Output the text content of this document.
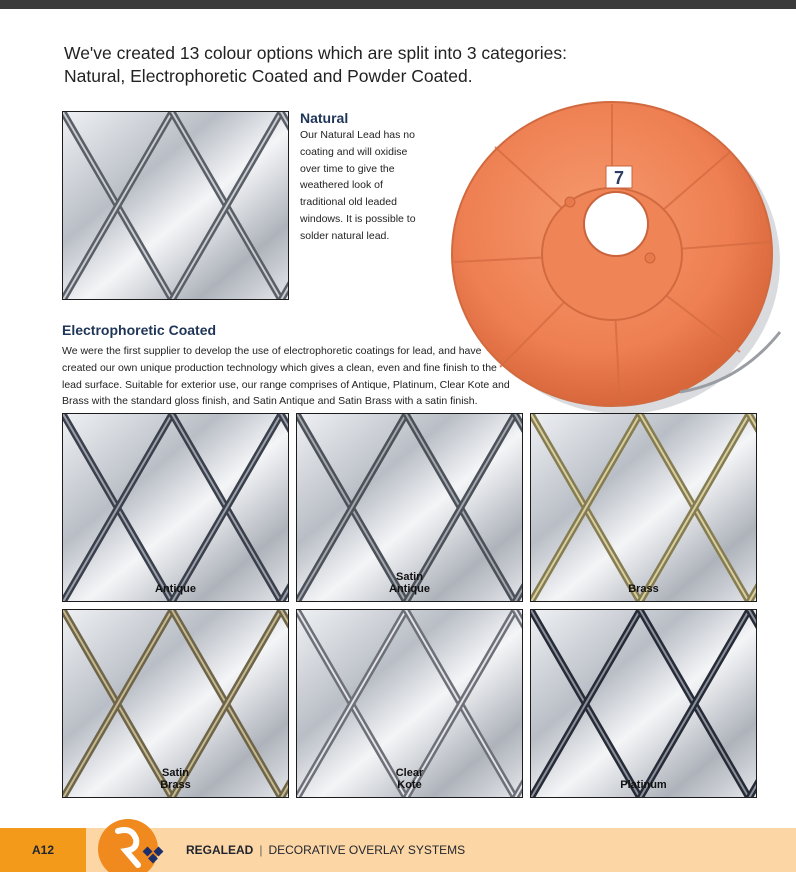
We've created 13 colour options which are split into 3 categories:
Natural, Electrophoretic Coated and Powder Coated.
Natural

Our Natural Lead has no coating and will oxidise over time to give the weathered look of traditional old leaded windows. It is possible to solder natural lead.

7
Electrophoretic Coated

We were the first supplier to develop the use of electrophoretic coatings for lead, and have created our own unique production technology which gives a clean, even and fine finish to the lead surface. Suitable for exterior use, our range comprises of Antique, Platinum, Clear Kote and Brass with the standard gloss finish, and Satin Antique and Satin Brass with a satin finish.

Antique
Satin
Antique	Brass
Satin
Brass
Clear
Kote	Platinum
A12	REGALEAD | DECORATIVE OVERLAY SYSTEMS
